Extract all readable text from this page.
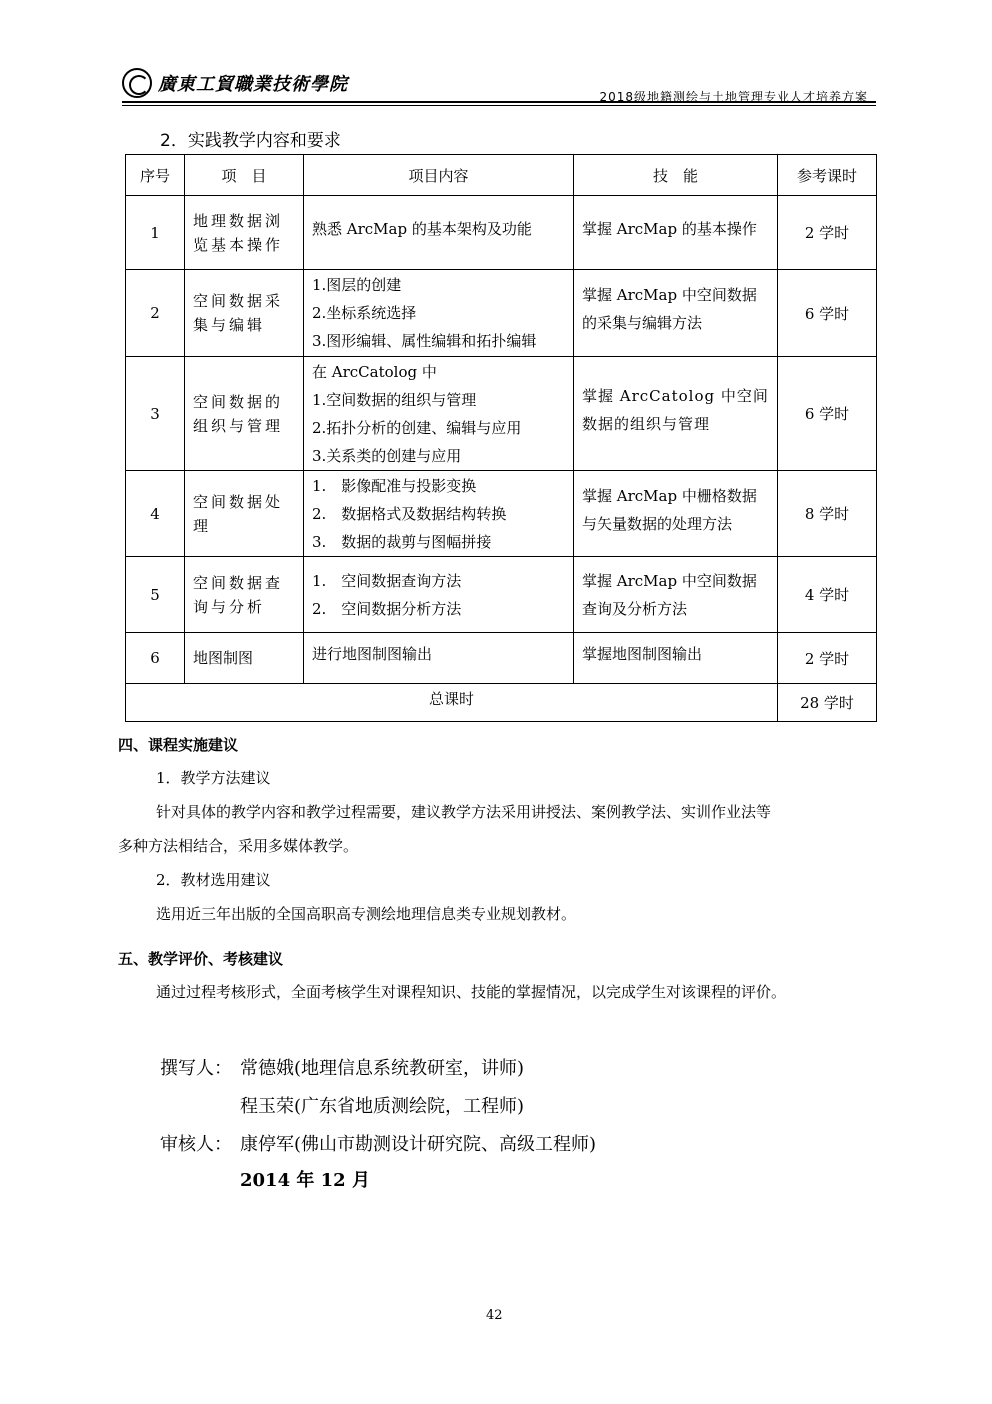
廣東工貿職業技術學院
2018级地籍测绘与土地管理专业人才培养方案
2．实践教学内容和要求
序号	项　目	项目内容	技　能	参考课时
1	地理数据浏览基本操作	熟悉 ArcMap 的基本架构及功能	掌握 ArcMap 的基本操作	2 学时
2	空间数据采集与编辑	1.图层的创建
2.坐标系统选择
3.图形编辑、属性编辑和拓扑编辑	掌握 ArcMap 中空间数据的采集与编辑方法	6 学时
3	空间数据的组织与管理	在 ArcCatolog 中
1.空间数据的组织与管理
2.拓扑分析的创建、编辑与应用
3.关系类的创建与应用	掌握 ArcCatolog 中空间数据的组织与管理	6 学时
4	空间数据处理	1.　影像配准与投影变换
2.　数据格式及数据结构转换
3.　数据的裁剪与图幅拼接	掌握 ArcMap 中栅格数据与矢量数据的处理方法	8 学时
5	空间数据查询与分析	1.　空间数据查询方法
2.　空间数据分析方法	掌握 ArcMap 中空间数据查询及分析方法	4 学时
6	地图制图	进行地图制图输出	掌握地图制图输出	2 学时

总课时				28 学时
四、课程实施建议
1．教学方法建议
针对具体的教学内容和教学过程需要，建议教学方法采用讲授法、案例教学法、实训作业法等
多种方法相结合，采用多媒体教学。
2．教材选用建议
选用近三年出版的全国高职高专测绘地理信息类专业规划教材。
五、教学评价、考核建议
通过过程考核形式，全面考核学生对课程知识、技能的掌握情况，以完成学生对该课程的评价。
撰写人： 常德娥(地理信息系统教研室，讲师)
程玉荣(广东省地质测绘院，工程师)
审核人： 康停军(佛山市勘测设计研究院、高级工程师)
2014 年 12 月
42
